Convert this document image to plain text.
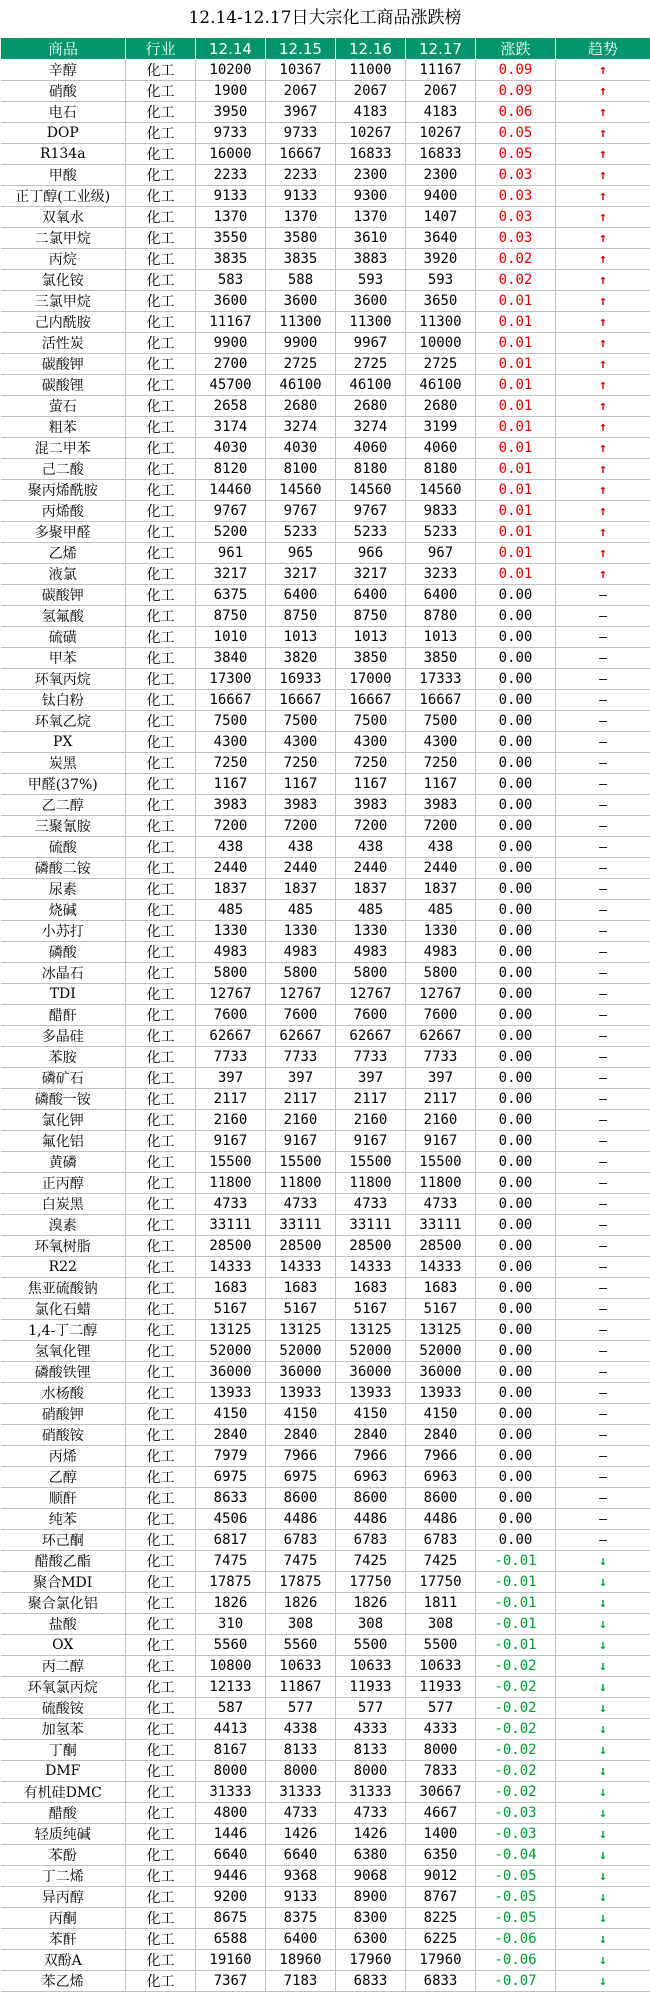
12.14-12.17日大宗化工商品涨跌榜
商品	行业	12.14	12.15	12.16	12.17	涨跌	趋势
辛醇	化工	10200	10367	11000	11167	0.09	↑
硝酸	化工	1900	2067	2067	2067	0.09	↑
电石	化工	3950	3967	4183	4183	0.06	↑
DOP	化工	9733	9733	10267	10267	0.05	↑
R134a	化工	16000	16667	16833	16833	0.05	↑
甲酸	化工	2233	2233	2300	2300	0.03	↑
正丁醇(工业级)	化工	9133	9133	9300	9400	0.03	↑
双氧水	化工	1370	1370	1370	1407	0.03	↑
二氯甲烷	化工	3550	3580	3610	3640	0.03	↑
丙烷	化工	3835	3835	3883	3920	0.02	↑
氯化铵	化工	583	588	593	593	0.02	↑
三氯甲烷	化工	3600	3600	3600	3650	0.01	↑
己内酰胺	化工	11167	11300	11300	11300	0.01	↑
活性炭	化工	9900	9900	9967	10000	0.01	↑
碳酸钾	化工	2700	2725	2725	2725	0.01	↑
碳酸锂	化工	45700	46100	46100	46100	0.01	↑
萤石	化工	2658	2680	2680	2680	0.01	↑
粗苯	化工	3174	3274	3274	3199	0.01	↑
混二甲苯	化工	4030	4030	4060	4060	0.01	↑
己二酸	化工	8120	8100	8180	8180	0.01	↑
聚丙烯酰胺	化工	14460	14560	14560	14560	0.01	↑
丙烯酸	化工	9767	9767	9767	9833	0.01	↑
多聚甲醛	化工	5200	5233	5233	5233	0.01	↑
乙烯	化工	961	965	966	967	0.01	↑
液氯	化工	3217	3217	3217	3233	0.01	↑
碳酸钾	化工	6375	6400	6400	6400	0.00	–
氢氟酸	化工	8750	8750	8750	8780	0.00	–
硫磺	化工	1010	1013	1013	1013	0.00	–
甲苯	化工	3840	3820	3850	3850	0.00	–
环氧丙烷	化工	17300	16933	17000	17333	0.00	–
钛白粉	化工	16667	16667	16667	16667	0.00	–
环氧乙烷	化工	7500	7500	7500	7500	0.00	–
PX	化工	4300	4300	4300	4300	0.00	–
炭黑	化工	7250	7250	7250	7250	0.00	–
甲醛(37%)	化工	1167	1167	1167	1167	0.00	–
乙二醇	化工	3983	3983	3983	3983	0.00	–
三聚氰胺	化工	7200	7200	7200	7200	0.00	–
硫酸	化工	438	438	438	438	0.00	–
磷酸二铵	化工	2440	2440	2440	2440	0.00	–
尿素	化工	1837	1837	1837	1837	0.00	–
烧碱	化工	485	485	485	485	0.00	–
小苏打	化工	1330	1330	1330	1330	0.00	–
磷酸	化工	4983	4983	4983	4983	0.00	–
冰晶石	化工	5800	5800	5800	5800	0.00	–
TDI	化工	12767	12767	12767	12767	0.00	–
醋酐	化工	7600	7600	7600	7600	0.00	–
多晶硅	化工	62667	62667	62667	62667	0.00	–
苯胺	化工	7733	7733	7733	7733	0.00	–
磷矿石	化工	397	397	397	397	0.00	–
磷酸一铵	化工	2117	2117	2117	2117	0.00	–
氯化钾	化工	2160	2160	2160	2160	0.00	–
氟化铝	化工	9167	9167	9167	9167	0.00	–
黄磷	化工	15500	15500	15500	15500	0.00	–
正丙醇	化工	11800	11800	11800	11800	0.00	–
白炭黑	化工	4733	4733	4733	4733	0.00	–
溴素	化工	33111	33111	33111	33111	0.00	–
环氧树脂	化工	28500	28500	28500	28500	0.00	–
R22	化工	14333	14333	14333	14333	0.00	–
焦亚硫酸钠	化工	1683	1683	1683	1683	0.00	–
氯化石蜡	化工	5167	5167	5167	5167	0.00	–
1,4-丁二醇	化工	13125	13125	13125	13125	0.00	–
氢氧化锂	化工	52000	52000	52000	52000	0.00	–
磷酸铁锂	化工	36000	36000	36000	36000	0.00	–
水杨酸	化工	13933	13933	13933	13933	0.00	–
硝酸钾	化工	4150	4150	4150	4150	0.00	–
硝酸铵	化工	2840	2840	2840	2840	0.00	–
丙烯	化工	7979	7966	7966	7966	0.00	–
乙醇	化工	6975	6975	6963	6963	0.00	–
顺酐	化工	8633	8600	8600	8600	0.00	–
纯苯	化工	4506	4486	4486	4486	0.00	–
环己酮	化工	6817	6783	6783	6783	0.00	–
醋酸乙酯	化工	7475	7475	7425	7425	-0.01	↓
聚合MDI	化工	17875	17875	17750	17750	-0.01	↓
聚合氯化铝	化工	1826	1826	1826	1811	-0.01	↓
盐酸	化工	310	308	308	308	-0.01	↓
OX	化工	5560	5560	5500	5500	-0.01	↓
丙二醇	化工	10800	10633	10633	10633	-0.02	↓
环氧氯丙烷	化工	12133	11867	11933	11933	-0.02	↓
硫酸铵	化工	587	577	577	577	-0.02	↓
加氢苯	化工	4413	4338	4333	4333	-0.02	↓
丁酮	化工	8167	8133	8133	8000	-0.02	↓
DMF	化工	8000	8000	8000	7833	-0.02	↓
有机硅DMC	化工	31333	31333	31333	30667	-0.02	↓
醋酸	化工	4800	4733	4733	4667	-0.03	↓
轻质纯碱	化工	1446	1426	1426	1400	-0.03	↓
苯酚	化工	6640	6640	6380	6350	-0.04	↓
丁二烯	化工	9446	9368	9068	9012	-0.05	↓
异丙醇	化工	9200	9133	8900	8767	-0.05	↓
丙酮	化工	8675	8375	8300	8225	-0.05	↓
苯酐	化工	6588	6400	6300	6225	-0.06	↓
双酚A	化工	19160	18960	17960	17960	-0.06	↓
苯乙烯	化工	7367	7183	6833	6833	-0.07	↓
